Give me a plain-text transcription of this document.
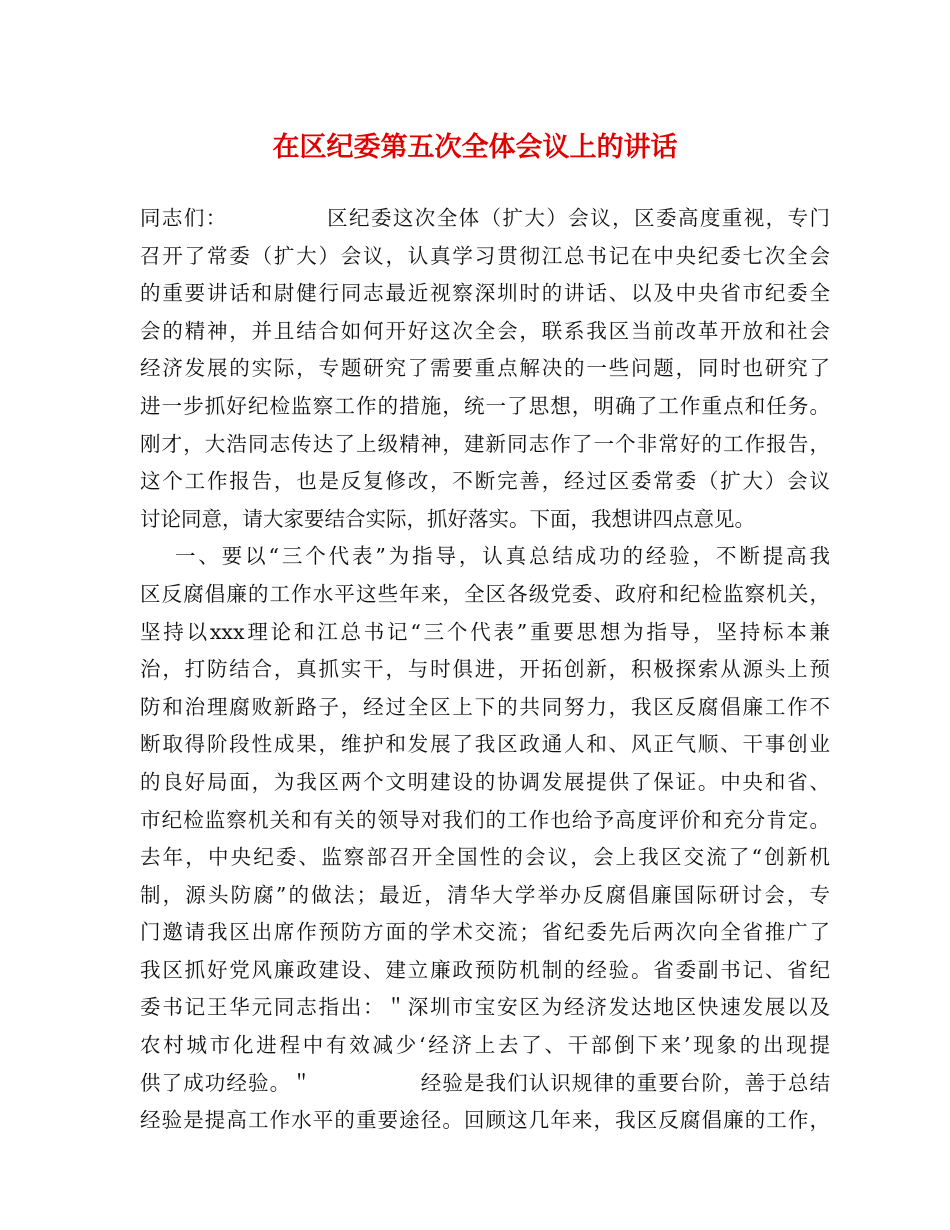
在区纪委第五次全体会议上的讲话

同志们：　　　　　区纪委这次全体（扩大）会议，区委高度重视，专门

召开了常委（扩大）会议，认真学习贯彻江总书记在中央纪委七次全会

的重要讲话和尉健行同志最近视察深圳时的讲话、以及中央省市纪委全

会的精神，并且结合如何开好这次全会，联系我区当前改革开放和社会

经济发展的实际，专题研究了需要重点解决的一些问题，同时也研究了

进一步抓好纪检监察工作的措施，统一了思想，明确了工作重点和任务。

刚才，大浩同志传达了上级精神，建新同志作了一个非常好的工作报告，

这个工作报告，也是反复修改，不断完善，经过区委常委（扩大）会议

讨论同意，请大家要结合实际，抓好落实。下面，我想讲四点意见。

一、要以“三个代表”为指导，认真总结成功的经验，不断提高我

区反腐倡廉的工作水平这些年来，全区各级党委、政府和纪检监察机关，

坚持以xxx理论和江总书记“三个代表”重要思想为指导，坚持标本兼

治，打防结合，真抓实干，与时俱进，开拓创新，积极探索从源头上预

防和治理腐败新路子，经过全区上下的共同努力，我区反腐倡廉工作不

断取得阶段性成果，维护和发展了我区政通人和、风正气顺、干事创业

的良好局面，为我区两个文明建设的协调发展提供了保证。中央和省、

市纪检监察机关和有关的领导对我们的工作也给予高度评价和充分肯定。

去年，中央纪委、监察部召开全国性的会议，会上我区交流了“创新机

制，源头防腐”的做法；最近，清华大学举办反腐倡廉国际研讨会，专

门邀请我区出席作预防方面的学术交流；省纪委先后两次向全省推广了

我区抓好党风廉政建设、建立廉政预防机制的经验。省委副书记、省纪

委书记王华元同志指出：＂深圳市宝安区为经济发达地区快速发展以及

农村城市化进程中有效减少‘经济上去了、干部倒下来’现象的出现提

供了成功经验。＂　　　　　经验是我们认识规律的重要台阶，善于总结

经验是提高工作水平的重要途径。回顾这几年来，我区反腐倡廉的工作，
